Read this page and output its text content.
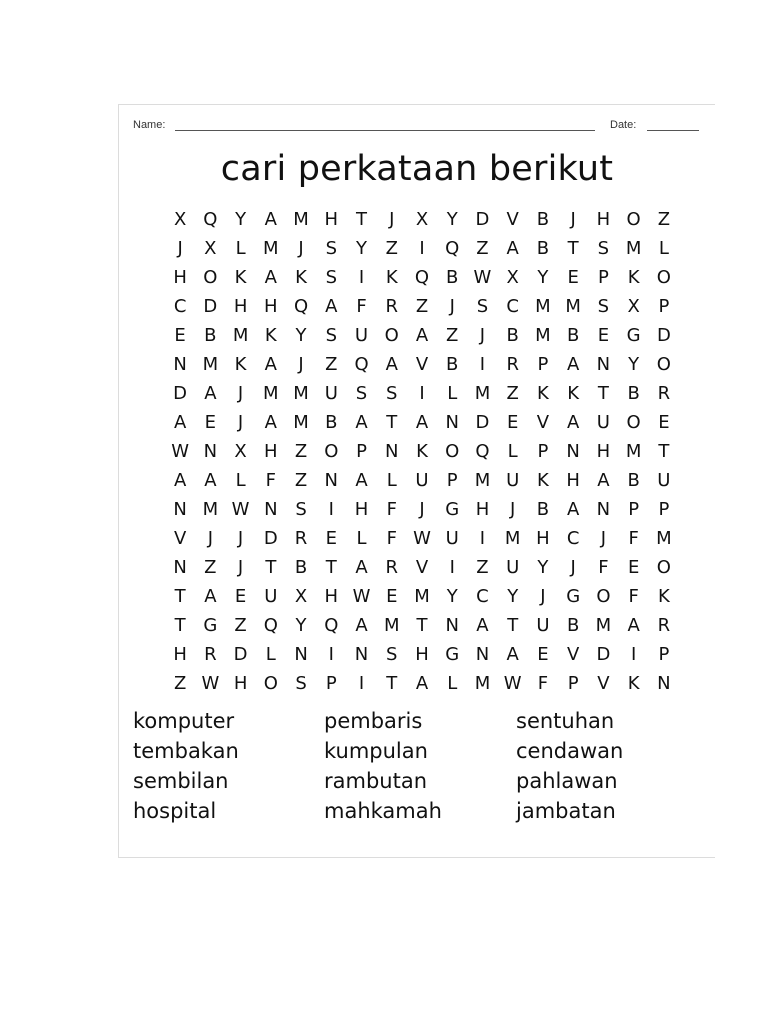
Name:	Date:
cari perkataan berikut
X Q Y	A M H T	J	X	Y D V B	J	H O Z
J	X	L M	J	S	Y	Z	I	Q Z A B	T	S M L
H O K	A	K	S	I	K Q B W X	Y	E	P	K O
C D H H Q A	F	R Z	J	S	C M M S	X	P
E	B M K	Y	S U O A Z	J	B M B	E G D
N M K	A	J	Z Q A V B	I	R	P	A N	Y O
D A	J	M M U S	S	I	L M Z	K	K	T	B R
A	E	J	A M B A	T	A N D E	V A U O E
W N X H Z O P	N K O Q	L	P	N H M T
A A	L	F	Z N A	L	U	P M U K H A B U
N M W N S	I	H	F	J	G H	J	B A N	P	P
V	J	J	D R	E	L	F W U	I	M H C	J	F M
N Z	J	T	B	T	A R V	I	Z U	Y	J	F	E O
T	A	E U X H W E M Y	C	Y	J	G O F	K
T G Z Q Y Q A M T	N A	T	U B M A R
H R D	L	N	I	N S H G N A	E	V D	I	P
Z W H O S	P	I	T	A	L M W F	P	V	K N
komputer	pembaris	sentuhan
tembakan	kumpulan	cendawan
sembilan	rambutan	pahlawan
hospital	mahkamah	jambatan
